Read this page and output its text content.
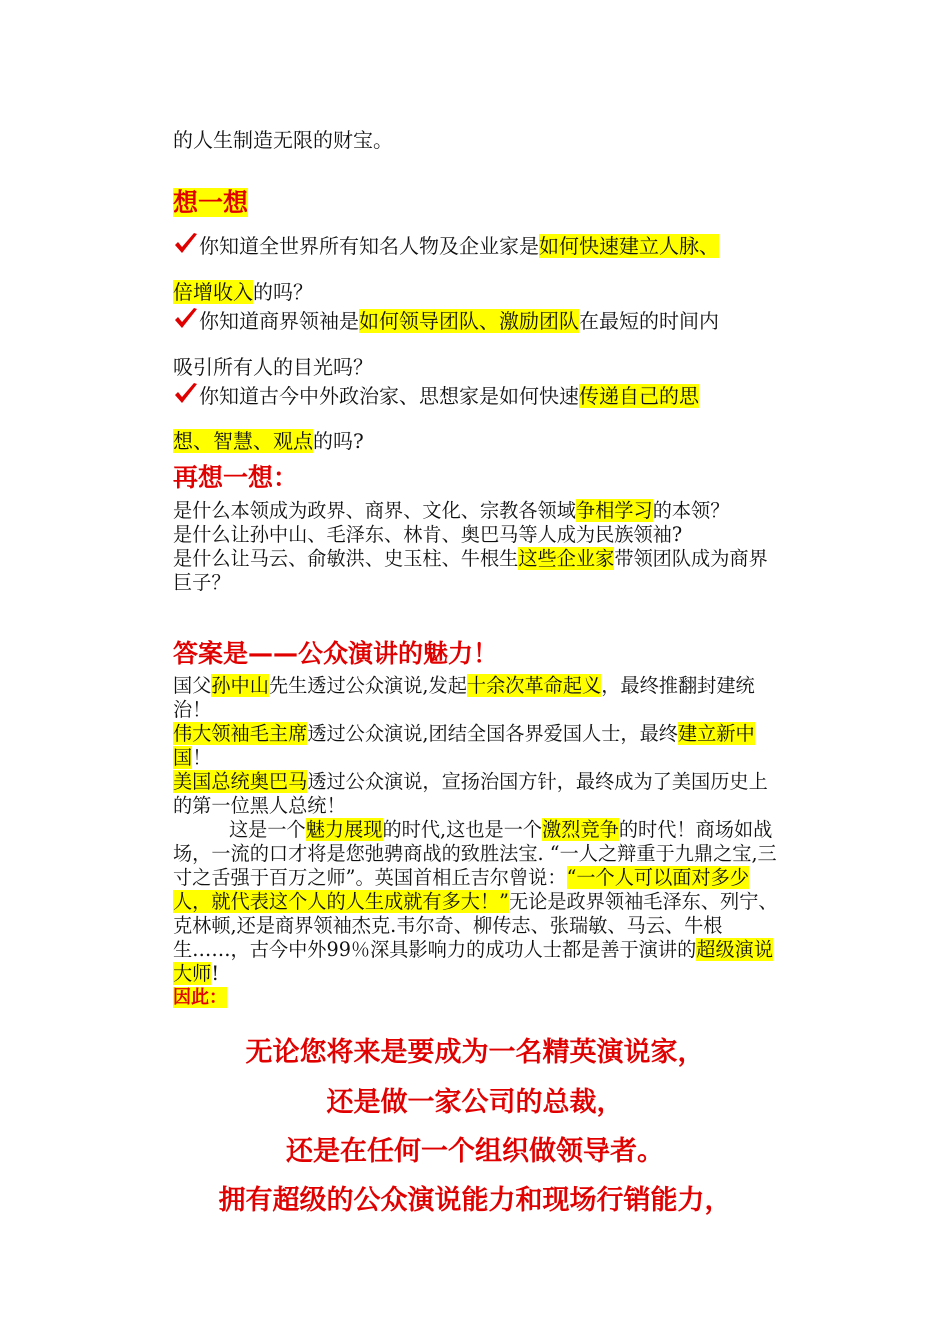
的人生制造无限的财宝。
想一想
你知道全世界所有知名人物及企业家是如何快速建立人脉、
倍增收入的吗？
你知道商界领袖是如何领导团队、激励团队在最短的时间内
吸引所有人的目光吗？
你知道古今中外政治家、思想家是如何快速传递自己的思
想、智慧、观点的吗?
再想一想：
是什么本领成为政界、商界、文化、宗教各领域争相学习的本领？
是什么让孙中山、毛泽东、林肯、奥巴马等人成为民族领袖?
是什么让马云、俞敏洪、史玉柱、牛根生这些企业家带领团队成为商界巨子？
答案是——公众演讲的魅力！
国父孙中山先生透过公众演说,发起十余次革命起义，最终推翻封建统治！
伟大领袖毛主席透过公众演说,团结全国各界爱国人士，最终建立新中国！
美国总统奥巴马透过公众演说，宣扬治国方针，最终成为了美国历史上的第一位黑人总统！
这是一个魅力展现的时代,这也是一个激烈竞争的时代！商场如战场，一流的口才将是您弛骋商战的致胜法宝. “一人之辩重于九鼎之宝,三寸之舌强于百万之师”。英国首相丘吉尔曾说：“一个人可以面对多少人，就代表这个人的人生成就有多大！”无论是政界领袖毛泽东、列宁、克林顿,还是商界领袖杰克.韦尔奇、柳传志、张瑞敏、马云、牛根生……，古今中外99％深具影响力的成功人士都是善于演讲的超级演说大师!
因此：
无论您将来是要成为一名精英演说家，
还是做一家公司的总裁，
还是在任何一个组织做领导者。
拥有超级的公众演说能力和现场行销能力，
